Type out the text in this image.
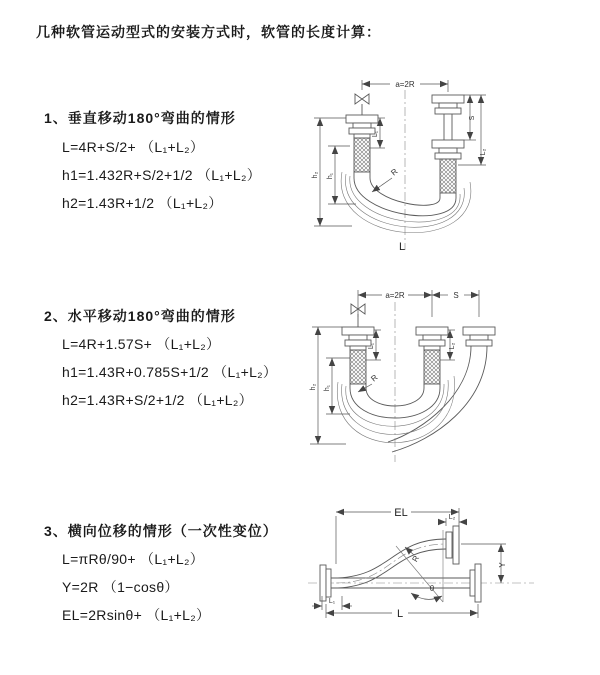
几种软管运动型式的安装方式时，软管的长度计算：
1、垂直移动180°弯曲的情形
L=4R+S/2+ （L₁+L₂）
h1=1.432R+S/2+1/2 （L₁+L₂）
h2=1.43R+1/2 （L₁+L₂）
2、水平移动180°弯曲的情形
L=4R+1.57S+ （L₁+L₂）
h1=1.43R+0.785S+1/2 （L₁+L₂）
h2=1.43R+S/2+1/2 （L₁+L₂）
3、横向位移的情形（一次性变位）
L=πRθ/90+ （L₁+L₂）
Y=2R （1−cosθ）
EL=2Rsinθ+ （L₁+L₂）
a=2R
h₂ h₁
L₁
S
L₂
R
L
a=2R	S
h₂ h₁
L₁	L₂
R
EL	L₂
θ
R
Y
L
L₁
